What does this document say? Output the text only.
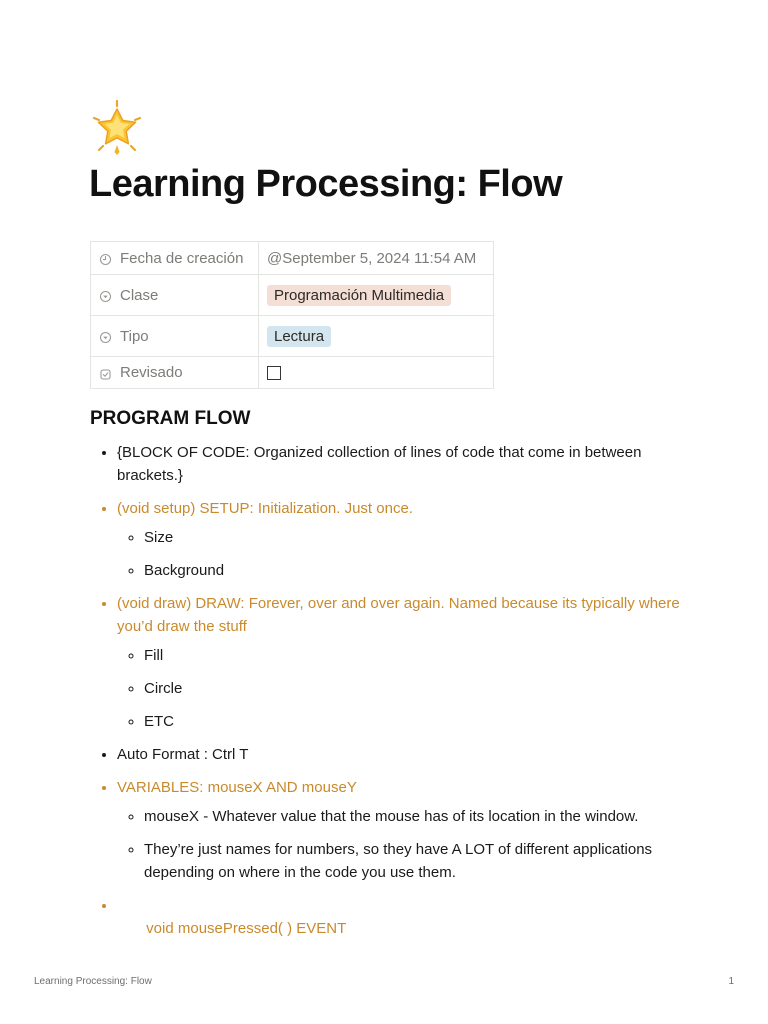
Learning Processing: Flow
Fecha de creación	@September 5, 2024 11:54 AM

Clase	Programación Multimedia

Tipo	Lectura

Revisado	

PROGRAM FLOW
• {BLOCK OF CODE: Organized collection of lines of code that come in between brackets.}
• (void setup) SETUP: Initialization. Just once.
◦ Size
◦ Background
• (void draw) DRAW: Forever, over and over again. Named because its typically where you’d draw the stuff
◦ Fill
◦ Circle
◦ ETC
• Auto Format : Ctrl T
• VARIABLES: mouseX AND mouseY
◦ mouseX - Whatever value that the mouse has of its location in the window.
◦ They’re just names for numbers, so they have A LOT of different applications depending on where in the code you use them.

•  void mousePressed( ) EVENT

Learning Processing: Flow	1
